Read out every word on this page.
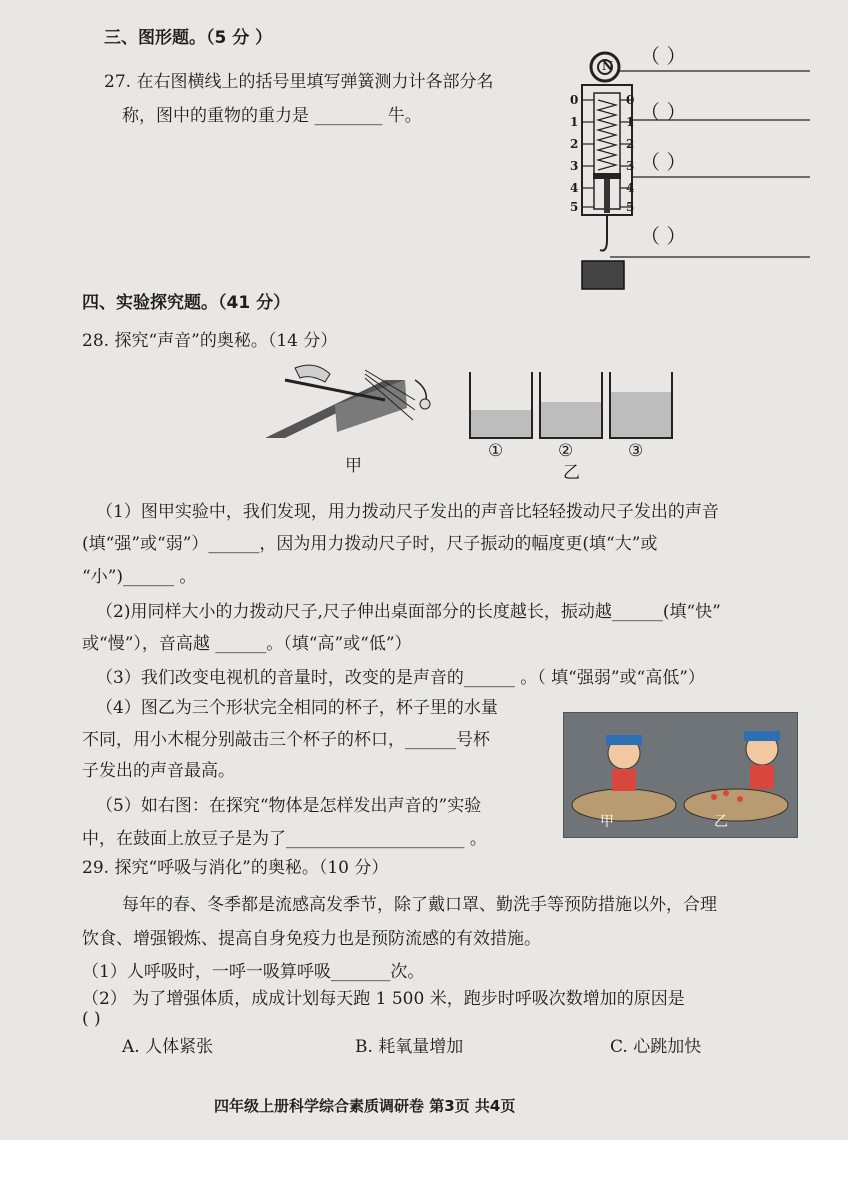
三、图形题。（5 分 ）
27. 在右图横线上的括号里填写弹簧测力计各部分名
称，图中的重物的重力是 ________ 牛。
N
0
1
2
3
4
5
0
1
2
3
4
5
（ ）
（ ）
（ ）
（ ）
四、实验探究题。（41 分）
28. 探究“声音”的奥秘。（14 分）
甲
①	②	③
乙
（1）图甲实验中，我们发现，用力拨动尺子发出的声音比轻轻拨动尺子发出的声音
(填“强”或“弱”）______，因为用力拨动尺子时，尺子振动的幅度更(填“大”或
“小”)______ 。
（2)用同样大小的力拨动尺子,尺子伸出桌面部分的长度越长，振动越______(填“快”
或“慢”），音高越 ______。（填“高”或“低”）
（3）我们改变电视机的音量时，改变的是声音的______ 。（ 填“强弱”或“高低”）
（4）图乙为三个形状完全相同的杯子，杯子里的水量
不同，用小木棍分别敲击三个杯子的杯口，______号杯
子发出的声音最高。
（5）如右图：在探究“物体是怎样发出声音的”实验
中，在鼓面上放豆子是为了_____________________ 。
甲	乙
29. 探究“呼吸与消化”的奥秘。（10 分）
每年的春、冬季都是流感高发季节，除了戴口罩、勤洗手等预防措施以外，合理
饮食、增强锻炼、提高自身免疫力也是预防流感的有效措施。
（1）人呼吸时，一呼一吸算呼吸_______次。
（2） 为了增强体质，成成计划每天跑 1 500 米，跑步时呼吸次数增加的原因是
( )
A. 人体紧张	B. 耗氧量增加	C. 心跳加快
四年级上册科学综合素质调研卷 第3页 共4页
